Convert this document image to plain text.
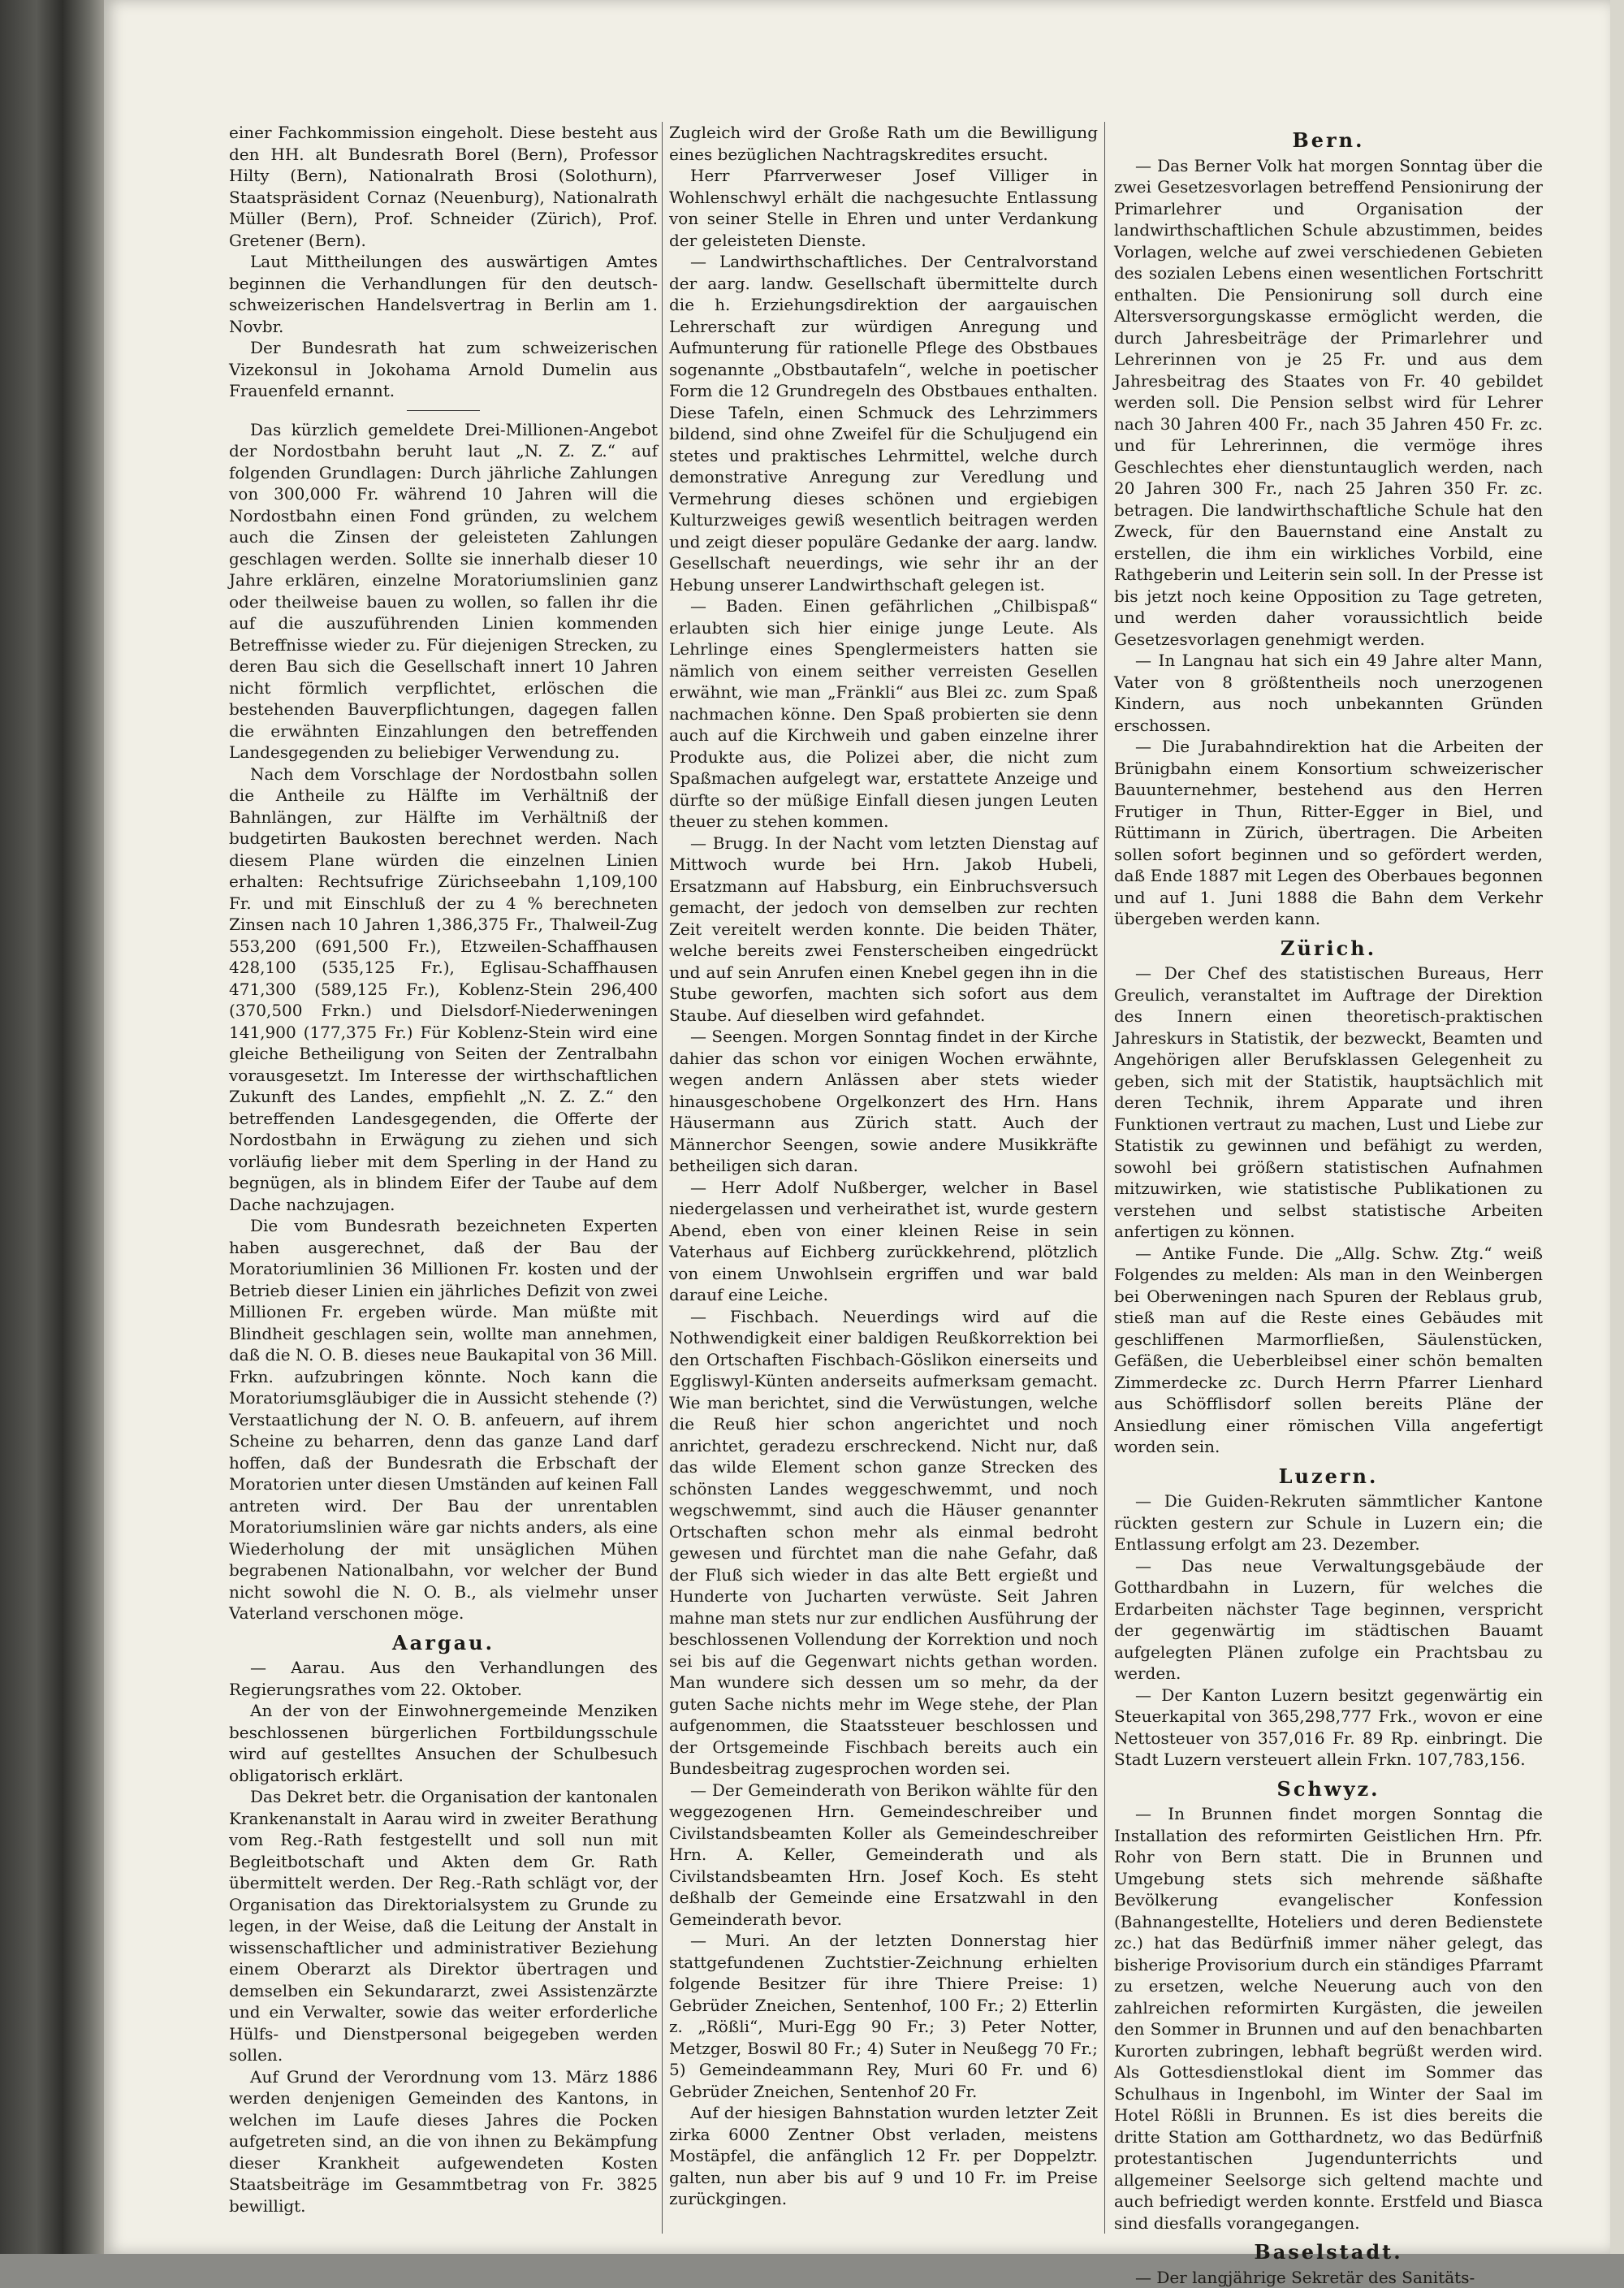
einer Fachkommission eingeholt. Diese besteht aus den HH. alt Bundesrath Borel (Bern), Professor Hilty (Bern), Nationalrath Brosi (Solothurn), Staatspräsident Cornaz (Neuenburg), Nationalrath Müller (Bern), Prof. Schneider (Zürich), Prof. Gretener (Bern).

Laut Mittheilungen des auswärtigen Amtes beginnen die Verhandlungen für den deutsch-schweizerischen Handelsvertrag in Berlin am 1. Novbr.

Der Bundesrath hat zum schweizerischen Vizekonsul in Jokohama Arnold Dumelin aus Frauenfeld ernannt.

Das kürzlich gemeldete Drei-Millionen-Angebot der Nordostbahn beruht laut „N. Z. Z.“ auf folgenden Grundlagen: Durch jährliche Zahlungen von 300,000 Fr. während 10 Jahren will die Nordostbahn einen Fond gründen, zu welchem auch die Zinsen der geleisteten Zahlungen geschlagen werden. Sollte sie innerhalb dieser 10 Jahre erklären, einzelne Moratoriumslinien ganz oder theilweise bauen zu wollen, so fallen ihr die auf die auszuführenden Linien kommenden Betreffnisse wieder zu. Für diejenigen Strecken, zu deren Bau sich die Gesellschaft innert 10 Jahren nicht förmlich verpflichtet, erlöschen die bestehenden Bauverpflichtungen, dagegen fallen die erwähnten Einzahlungen den betreffenden Landesgegenden zu beliebiger Verwendung zu.

Nach dem Vorschlage der Nordostbahn sollen die Antheile zu Hälfte im Verhältniß der Bahnlängen, zur Hälfte im Verhältniß der budgetirten Baukosten berechnet werden. Nach diesem Plane würden die einzelnen Linien erhalten: Rechtsufrige Zürichseebahn 1,109,100 Fr. und mit Einschluß der zu 4 % berechneten Zinsen nach 10 Jahren 1,386,375 Fr., Thalweil-Zug 553,200 (691,500 Fr.), Etzweilen-Schaffhausen 428,100 (535,125 Fr.), Eglisau-Schaffhausen 471,300 (589,125 Fr.), Koblenz-Stein 296,400 (370,500 Frkn.) und Dielsdorf-Niederweningen 141,900 (177,375 Fr.) Für Koblenz-Stein wird eine gleiche Betheiligung von Seiten der Zentralbahn vorausgesetzt. Im Interesse der wirthschaftlichen Zukunft des Landes, empfiehlt „N. Z. Z.“ den betreffenden Landesgegenden, die Offerte der Nordostbahn in Erwägung zu ziehen und sich vorläufig lieber mit dem Sperling in der Hand zu begnügen, als in blindem Eifer der Taube auf dem Dache nachzujagen.

Die vom Bundesrath bezeichneten Experten haben ausgerechnet, daß der Bau der Moratoriumlinien 36 Millionen Fr. kosten und der Betrieb dieser Linien ein jährliches Defizit von zwei Millionen Fr. ergeben würde. Man müßte mit Blindheit geschlagen sein, wollte man annehmen, daß die N. O. B. dieses neue Baukapital von 36 Mill. Frkn. aufzubringen könnte. Noch kann die Moratoriumsgläubiger die in Aussicht stehende (?) Verstaatlichung der N. O. B. anfeuern, auf ihrem Scheine zu beharren, denn das ganze Land darf hoffen, daß der Bundesrath die Erbschaft der Moratorien unter diesen Umständen auf keinen Fall antreten wird. Der Bau der unrentablen Moratoriumslinien wäre gar nichts anders, als eine Wiederholung der mit unsäglichen Mühen begrabenen Nationalbahn, vor welcher der Bund nicht sowohl die N. O. B., als vielmehr unser Vaterland verschonen möge.

Aargau.

— Aarau. Aus den Verhandlungen des Regierungsrathes vom 22. Oktober.

An der von der Einwohnergemeinde Menziken beschlossenen bürgerlichen Fortbildungsschule wird auf gestelltes Ansuchen der Schulbesuch obligatorisch erklärt.

Das Dekret betr. die Organisation der kantonalen Krankenanstalt in Aarau wird in zweiter Berathung vom Reg.-Rath festgestellt und soll nun mit Begleitbotschaft und Akten dem Gr. Rath übermittelt werden. Der Reg.-Rath schlägt vor, der Organisation das Direktorialsystem zu Grunde zu legen, in der Weise, daß die Leitung der Anstalt in wissenschaftlicher und administrativer Beziehung einem Oberarzt als Direktor übertragen und demselben ein Sekundararzt, zwei Assistenzärzte und ein Verwalter, sowie das weiter erforderliche Hülfs- und Dienstpersonal beigegeben werden sollen.

Auf Grund der Verordnung vom 13. März 1886 werden denjenigen Gemeinden des Kantons, in welchen im Laufe dieses Jahres die Pocken aufgetreten sind, an die von ihnen zu Bekämpfung dieser Krankheit aufgewendeten Kosten Staatsbeiträge im Gesammtbetrag von Fr. 3825 bewilligt.

Zugleich wird der Große Rath um die Bewilligung eines bezüglichen Nachtragskredites ersucht.

Herr Pfarrverweser Josef Villiger in Wohlenschwyl erhält die nachgesuchte Entlassung von seiner Stelle in Ehren und unter Verdankung der geleisteten Dienste.

— Landwirthschaftliches. Der Centralvorstand der aarg. landw. Gesellschaft übermittelte durch die h. Erziehungsdirektion der aargauischen Lehrerschaft zur würdigen Anregung und Aufmunterung für rationelle Pflege des Obstbaues sogenannte „Obstbautafeln“, welche in poetischer Form die 12 Grundregeln des Obstbaues enthalten. Diese Tafeln, einen Schmuck des Lehrzimmers bildend, sind ohne Zweifel für die Schuljugend ein stetes und praktisches Lehrmittel, welche durch demonstrative Anregung zur Veredlung und Vermehrung dieses schönen und ergiebigen Kulturzweiges gewiß wesentlich beitragen werden und zeigt dieser populäre Gedanke der aarg. landw. Gesellschaft neuerdings, wie sehr ihr an der Hebung unserer Landwirthschaft gelegen ist.

— Baden. Einen gefährlichen „Chilbispaß“ erlaubten sich hier einige junge Leute. Als Lehrlinge eines Spenglermeisters hatten sie nämlich von einem seither verreisten Gesellen erwähnt, wie man „Fränkli“ aus Blei zc. zum Spaß nachmachen könne. Den Spaß probierten sie denn auch auf die Kirchweih und gaben einzelne ihrer Produkte aus, die Polizei aber, die nicht zum Spaßmachen aufgelegt war, erstattete Anzeige und dürfte so der müßige Einfall diesen jungen Leuten theuer zu stehen kommen.

— Brugg. In der Nacht vom letzten Dienstag auf Mittwoch wurde bei Hrn. Jakob Hubeli, Ersatzmann auf Habsburg, ein Einbruchsversuch gemacht, der jedoch von demselben zur rechten Zeit vereitelt werden konnte. Die beiden Thäter, welche bereits zwei Fensterscheiben eingedrückt und auf sein Anrufen einen Knebel gegen ihn in die Stube geworfen, machten sich sofort aus dem Staube. Auf dieselben wird gefahndet.

— Seengen. Morgen Sonntag findet in der Kirche dahier das schon vor einigen Wochen erwähnte, wegen andern Anlässen aber stets wieder hinausgeschobene Orgelkonzert des Hrn. Hans Häusermann aus Zürich statt. Auch der Männerchor Seengen, sowie andere Musikkräfte betheiligen sich daran.

— Herr Adolf Nußberger, welcher in Basel niedergelassen und verheirathet ist, wurde gestern Abend, eben von einer kleinen Reise in sein Vaterhaus auf Eichberg zurückkehrend, plötzlich von einem Unwohlsein ergriffen und war bald darauf eine Leiche.

— Fischbach. Neuerdings wird auf die Nothwendigkeit einer baldigen Reußkorrektion bei den Ortschaften Fischbach-Göslikon einerseits und Eggliswyl-Künten anderseits aufmerksam gemacht. Wie man berichtet, sind die Verwüstungen, welche die Reuß hier schon angerichtet und noch anrichtet, geradezu erschreckend. Nicht nur, daß das wilde Element schon ganze Strecken des schönsten Landes weggeschwemmt, und noch wegschwemmt, sind auch die Häuser genannter Ortschaften schon mehr als einmal bedroht gewesen und fürchtet man die nahe Gefahr, daß der Fluß sich wieder in das alte Bett ergießt und Hunderte von Jucharten verwüste. Seit Jahren mahne man stets nur zur endlichen Ausführung der beschlossenen Vollendung der Korrektion und noch sei bis auf die Gegenwart nichts gethan worden. Man wundere sich dessen um so mehr, da der guten Sache nichts mehr im Wege stehe, der Plan aufgenommen, die Staatssteuer beschlossen und der Ortsgemeinde Fischbach bereits auch ein Bundesbeitrag zugesprochen worden sei.

— Der Gemeinderath von Berikon wählte für den weggezogenen Hrn. Gemeindeschreiber und Civilstandsbeamten Koller als Gemeindeschreiber Hrn. A. Keller, Gemeinderath und als Civilstandsbeamten Hrn. Josef Koch. Es steht deßhalb der Gemeinde eine Ersatzwahl in den Gemeinderath bevor.

— Muri. An der letzten Donnerstag hier stattgefundenen Zuchtstier-Zeichnung erhielten folgende Besitzer für ihre Thiere Preise: 1) Gebrüder Zneichen, Sentenhof, 100 Fr.; 2) Etterlin z. „Rößli“, Muri-Egg 90 Fr.; 3) Peter Notter, Metzger, Boswil 80 Fr.; 4) Suter in Neußegg 70 Fr.; 5) Gemeindeammann Rey, Muri 60 Fr. und 6) Gebrüder Zneichen, Sentenhof 20 Fr.

Auf der hiesigen Bahnstation wurden letzter Zeit zirka 6000 Zentner Obst verladen, meistens Mostäpfel, die anfänglich 12 Fr. per Doppelztr. galten, nun aber bis auf 9 und 10 Fr. im Preise zurückgingen.

Bern.

— Das Berner Volk hat morgen Sonntag über die zwei Gesetzesvorlagen betreffend Pensionirung der Primarlehrer und Organisation der landwirthschaftlichen Schule abzustimmen, beides Vorlagen, welche auf zwei verschiedenen Gebieten des sozialen Lebens einen wesentlichen Fortschritt enthalten. Die Pensionirung soll durch eine Altersversorgungskasse ermöglicht werden, die durch Jahresbeiträge der Primarlehrer und Lehrerinnen von je 25 Fr. und aus dem Jahresbeitrag des Staates von Fr. 40 gebildet werden soll. Die Pension selbst wird für Lehrer nach 30 Jahren 400 Fr., nach 35 Jahren 450 Fr. zc. und für Lehrerinnen, die vermöge ihres Geschlechtes eher dienstuntauglich werden, nach 20 Jahren 300 Fr., nach 25 Jahren 350 Fr. zc. betragen. Die landwirthschaftliche Schule hat den Zweck, für den Bauernstand eine Anstalt zu erstellen, die ihm ein wirkliches Vorbild, eine Rathgeberin und Leiterin sein soll. In der Presse ist bis jetzt noch keine Opposition zu Tage getreten, und werden daher voraussichtlich beide Gesetzesvorlagen genehmigt werden.

— In Langnau hat sich ein 49 Jahre alter Mann, Vater von 8 größtentheils noch unerzogenen Kindern, aus noch unbekannten Gründen erschossen.

— Die Jurabahndirektion hat die Arbeiten der Brünigbahn einem Konsortium schweizerischer Bauunternehmer, bestehend aus den Herren Frutiger in Thun, Ritter-Egger in Biel, und Rüttimann in Zürich, übertragen. Die Arbeiten sollen sofort beginnen und so gefördert werden, daß Ende 1887 mit Legen des Oberbaues begonnen und auf 1. Juni 1888 die Bahn dem Verkehr übergeben werden kann.

Zürich.

— Der Chef des statistischen Bureaus, Herr Greulich, veranstaltet im Auftrage der Direktion des Innern einen theoretisch-praktischen Jahreskurs in Statistik, der bezweckt, Beamten und Angehörigen aller Berufsklassen Gelegenheit zu geben, sich mit der Statistik, hauptsächlich mit deren Technik, ihrem Apparate und ihren Funktionen vertraut zu machen, Lust und Liebe zur Statistik zu gewinnen und befähigt zu werden, sowohl bei größern statistischen Aufnahmen mitzuwirken, wie statistische Publikationen zu verstehen und selbst statistische Arbeiten anfertigen zu können.

— Antike Funde. Die „Allg. Schw. Ztg.“ weiß Folgendes zu melden: Als man in den Weinbergen bei Oberweningen nach Spuren der Reblaus grub, stieß man auf die Reste eines Gebäudes mit geschliffenen Marmorfließen, Säulenstücken, Gefäßen, die Ueberbleibsel einer schön bemalten Zimmerdecke zc. Durch Herrn Pfarrer Lienhard aus Schöfflisdorf sollen bereits Pläne der Ansiedlung einer römischen Villa angefertigt worden sein.

Luzern.

— Die Guiden-Rekruten sämmtlicher Kantone rückten gestern zur Schule in Luzern ein; die Entlassung erfolgt am 23. Dezember.

— Das neue Verwaltungsgebäude der Gotthardbahn in Luzern, für welches die Erdarbeiten nächster Tage beginnen, verspricht der gegenwärtig im städtischen Bauamt aufgelegten Plänen zufolge ein Prachtsbau zu werden.

— Der Kanton Luzern besitzt gegenwärtig ein Steuerkapital von 365,298,777 Frk., wovon er eine Nettosteuer von 357,016 Fr. 89 Rp. einbringt. Die Stadt Luzern versteuert allein Frkn. 107,783,156.

Schwyz.

— In Brunnen findet morgen Sonntag die Installation des reformirten Geistlichen Hrn. Pfr. Rohr von Bern statt. Die in Brunnen und Umgebung stets sich mehrende säßhafte Bevölkerung evangelischer Konfession (Bahnangestellte, Hoteliers und deren Bedienstete zc.) hat das Bedürfniß immer näher gelegt, das bisherige Provisorium durch ein ständiges Pfarramt zu ersetzen, welche Neuerung auch von den zahlreichen reformirten Kurgästen, die jeweilen den Sommer in Brunnen und auf den benachbarten Kurorten zubringen, lebhaft begrüßt werden wird. Als Gottesdienstlokal dient im Sommer das Schulhaus in Ingenbohl, im Winter der Saal im Hotel Rößli in Brunnen. Es ist dies bereits die dritte Station am Gotthardnetz, wo das Bedürfniß protestantischen Jugendunterrichts und allgemeiner Seelsorge sich geltend machte und auch befriedigt werden konnte. Erstfeld und Biasca sind diesfalls vorangegangen.

Baselstadt.

— Der langjährige Sekretär des Sanitäts-
